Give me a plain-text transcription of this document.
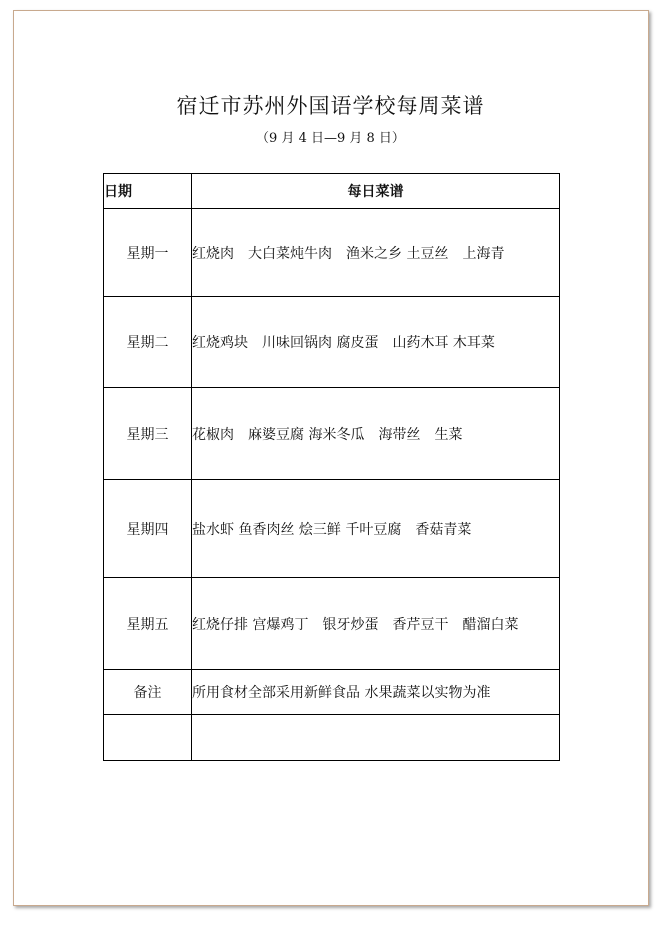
宿迁市苏州外国语学校每周菜谱
（9 月 4 日—9 月 8 日）
日期	每日菜谱
星期一	红烧肉　大白菜炖牛肉　渔米之乡 土豆丝　上海青
星期二	红烧鸡块　川味回锅肉 腐皮蛋　山药木耳 木耳菜
星期三	花椒肉　麻婆豆腐 海米冬瓜　海带丝　生菜
星期四	盐水虾 鱼香肉丝 烩三鲜 千叶豆腐　香菇青菜
星期五	红烧仔排 宫爆鸡丁　银牙炒蛋　香芹豆干　醋溜白菜
备注	所用食材全部采用新鲜食品 水果蔬菜以实物为准
